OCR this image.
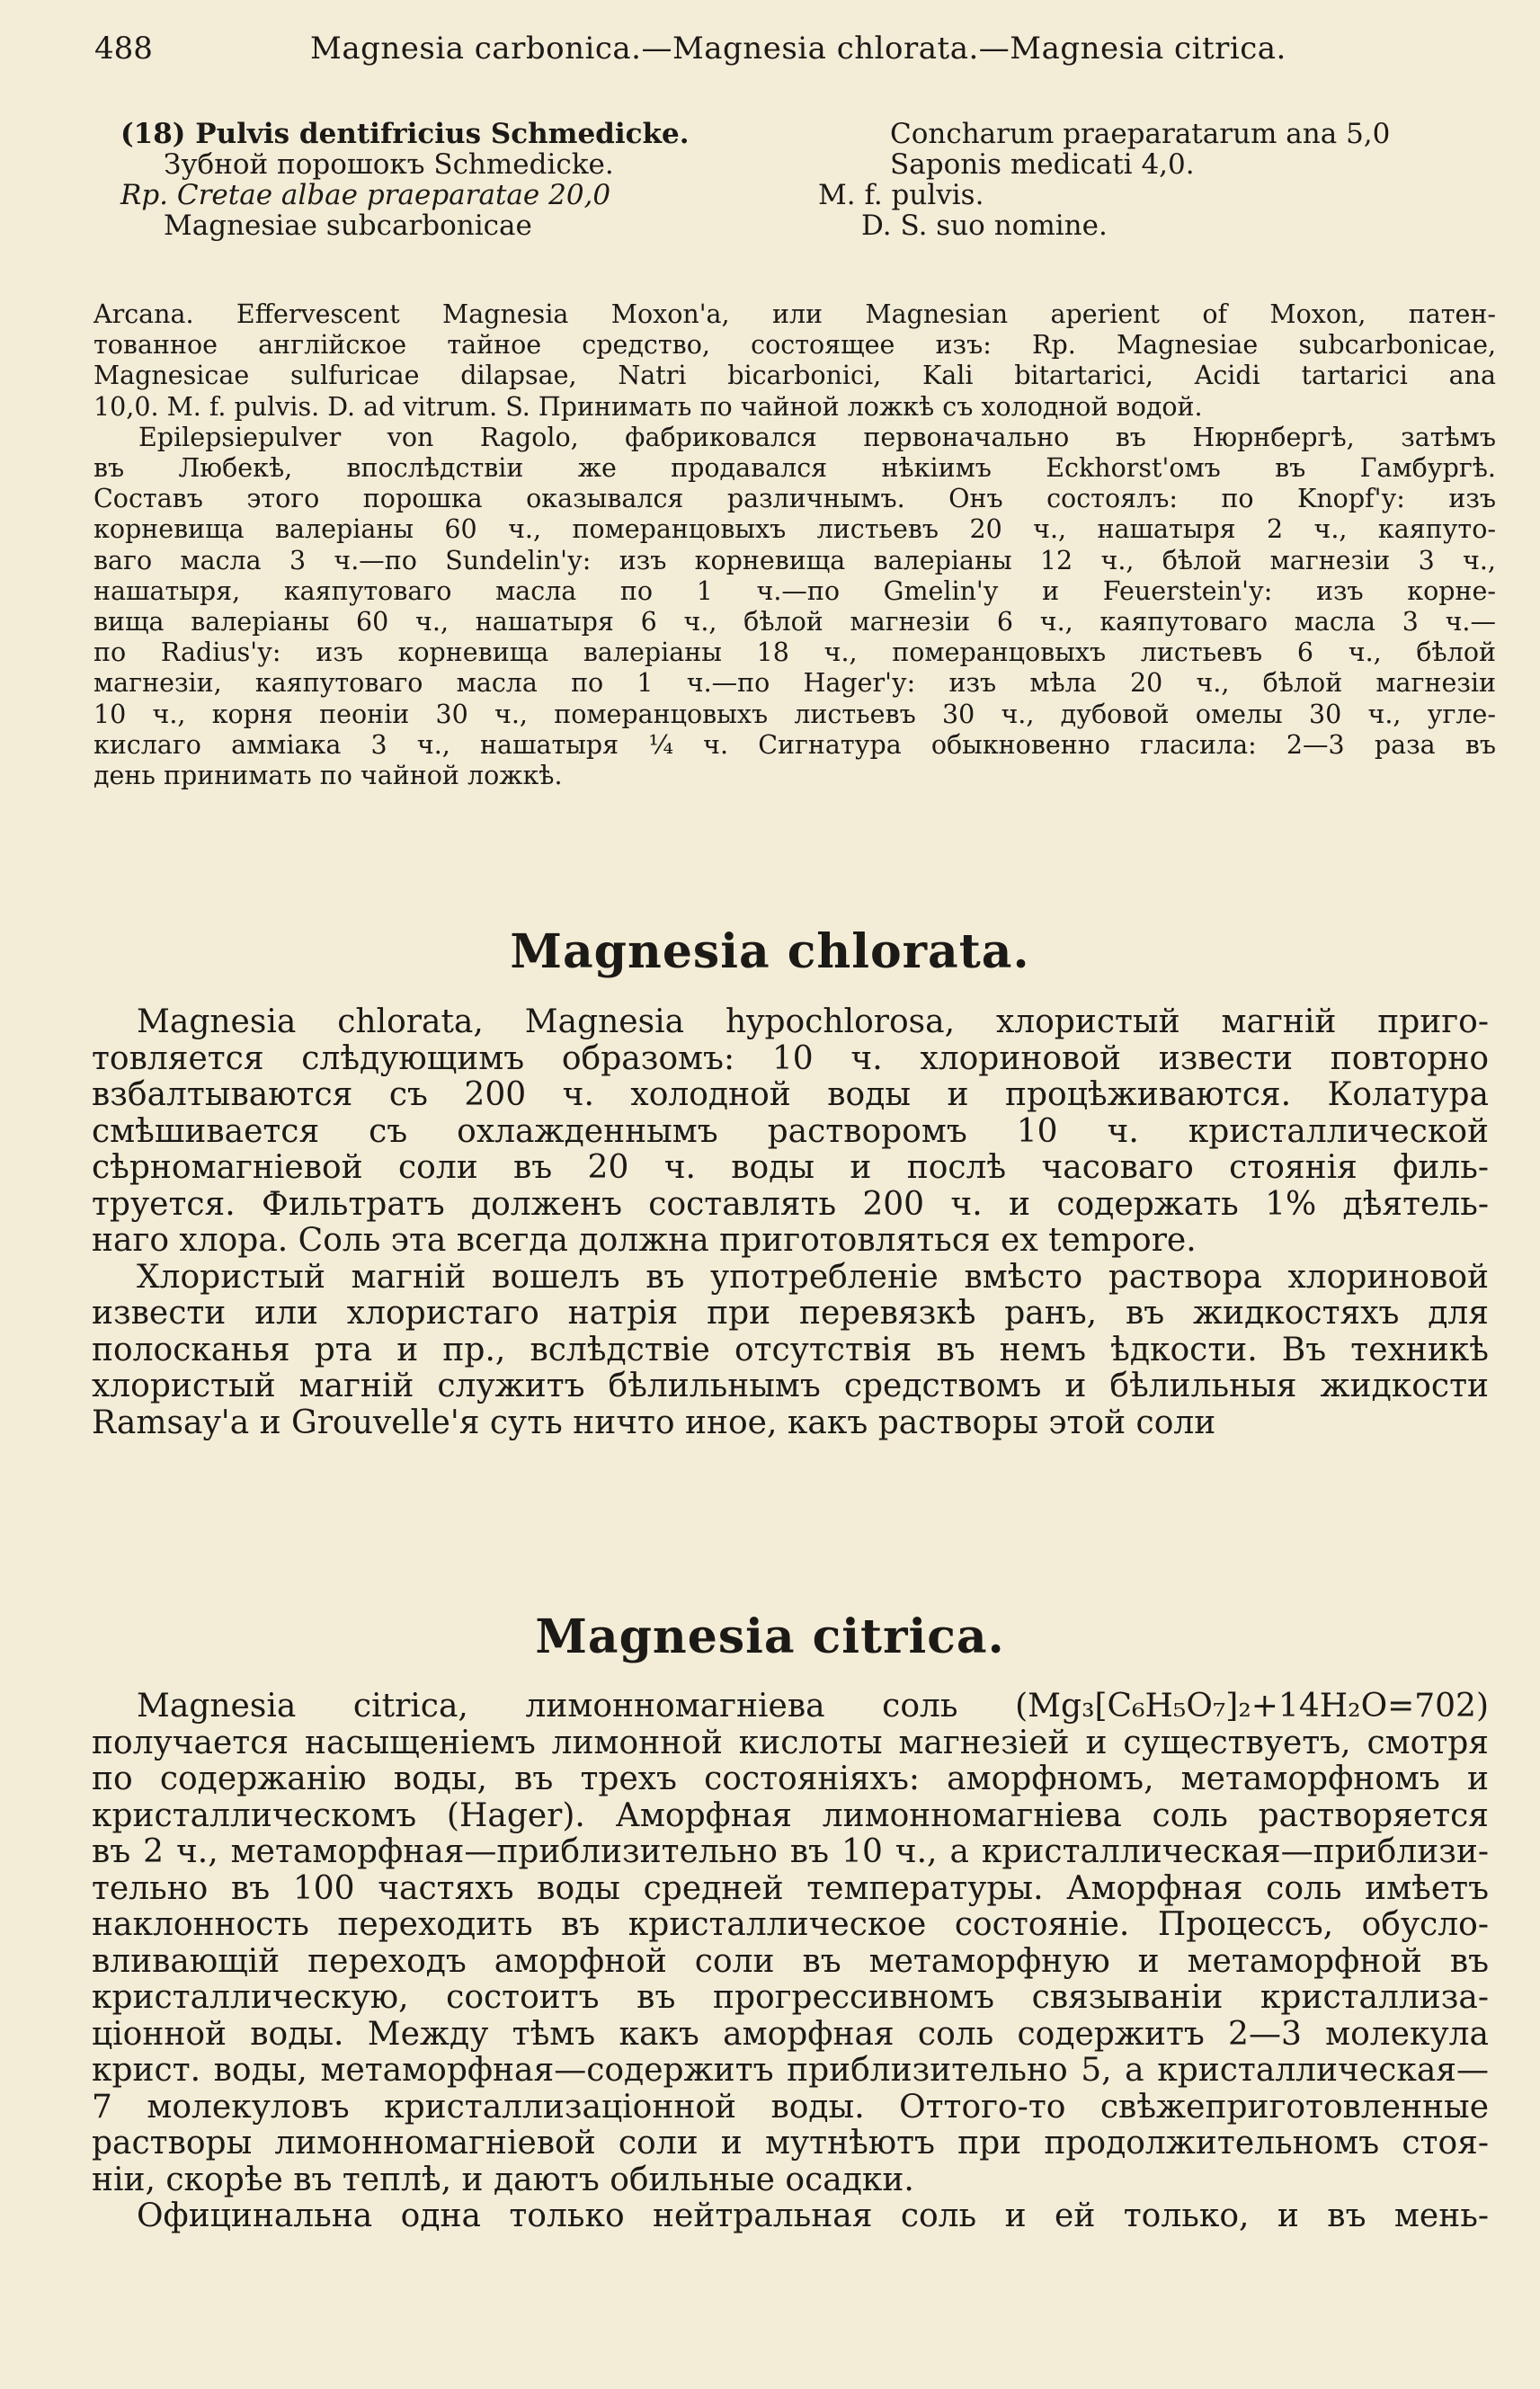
488	Magnesia carbonica.—Magnesia chlorata.—Magnesia citrica.
(18) Pulvis dentifricius Schmedicke.
Зубной порошокъ Schmedicke.
Rp. Cretae albae praeparatae 20,0
Magnesiae subcarbonicae
Concharum praeparatarum ana 5,0
Saponis medicati 4,0.
M. f. pulvis.
D. S. suo nomine.
Arcana. Effervescent Magnesia Moxon'a, или Magnesian aperient of Moxon, патен-
тованное англійское тайное средство, состоящее изъ: Rp. Magnesiae subcarbonicae,
Magnesicae sulfuricae dilapsae, Natri bicarbonici, Kali bitartarici, Acidi tartarici ana
10,0. M. f. pulvis. D. ad vitrum. S. Принимать по чайной ложкѣ съ холодной водой.
Epilepsiepulver von Ragolo, фабриковался первоначально въ Нюрнбергѣ, затѣмъ
въ Любекѣ, впослѣдствіи же продавался нѣкіимъ Eckhorst'омъ въ Гамбургѣ.
Составъ этого порошка оказывался различнымъ. Онъ состоялъ: по Knopf'у: изъ
корневища валеріаны 60 ч., померанцовыхъ листьевъ 20 ч., нашатыря 2 ч., каяпуто-
ваго масла 3 ч.—по Sundelin'у: изъ корневища валеріаны 12 ч., бѣлой магнезіи 3 ч.,
нашатыря, каяпутоваго масла по 1 ч.—по Gmelin'у и Feuerstein'у: изъ корне-
вища валеріаны 60 ч., нашатыря 6 ч., бѣлой магнезіи 6 ч., каяпутоваго масла 3 ч.—
по Radius'у: изъ корневища валеріаны 18 ч., померанцовыхъ листьевъ 6 ч., бѣлой
магнезіи, каяпутоваго масла по 1 ч.—по Hager'у: изъ мѣла 20 ч., бѣлой магнезіи
10 ч., корня пеоніи 30 ч., померанцовыхъ листьевъ 30 ч., дубовой омелы 30 ч., угле-
кислаго амміака 3 ч., нашатыря ¼ ч. Сигнатура обыкновенно гласила: 2—3 раза въ
день принимать по чайной ложкѣ.
Magnesia chlorata.
Magnesia chlorata, Magnesia hypochlorosa, хлористый магній приго-
товляется слѣдующимъ образомъ: 10 ч. хлориновой извести повторно
взбалтываются съ 200 ч. холодной воды и процѣживаются. Колатура
смѣшивается съ охлажденнымъ растворомъ 10 ч. кристаллической
сѣрномагніевой соли въ 20 ч. воды и послѣ часоваго стоянія филь-
труется. Фильтратъ долженъ составлять 200 ч. и содержать 1% дѣятель-
наго хлора. Соль эта всегда должна приготовляться ex tempore.
Хлористый магній вошелъ въ употребленіе вмѣсто раствора хлориновой
извести или хлористаго натрія при перевязкѣ ранъ, въ жидкостяхъ для
полосканья рта и пр., вслѣдствіе отсутствія въ немъ ѣдкости. Въ техникѣ
хлористый магній служитъ бѣлильнымъ средствомъ и бѣлильныя жидкости
Ramsay'а и Grouvelle'я суть ничто иное, какъ растворы этой соли
Magnesia citrica.
Magnesia citrica, лимонномагніева соль (Mg₃[C₆H₅O₇]₂+14H₂O=702)
получается насыщеніемъ лимонной кислоты магнезіей и существуетъ, смотря
по содержанію воды, въ трехъ состояніяхъ: аморфномъ, метаморфномъ и
кристаллическомъ (Hager). Аморфная лимонномагніева соль растворяется
въ 2 ч., метаморфная—приблизительно въ 10 ч., а кристаллическая—приблизи-
тельно въ 100 частяхъ воды средней температуры. Аморфная соль имѣетъ
наклонность переходить въ кристаллическое состояніе. Процессъ, обусло-
вливающій переходъ аморфной соли въ метаморфную и метаморфной въ
кристаллическую, состоитъ въ прогрессивномъ связываніи кристаллиза-
ціонной воды. Между тѣмъ какъ аморфная соль содержитъ 2—3 молекула
крист. воды, метаморфная—содержитъ приблизительно 5, а кристаллическая—
7 молекуловъ кристаллизаціонной воды. Оттого-то свѣжеприготовленные
растворы лимонномагніевой соли и мутнѣютъ при продолжительномъ стоя-
ніи, скорѣе въ теплѣ, и даютъ обильные осадки.
Официнальна одна только нейтральная соль и ей только, и въ мень-
